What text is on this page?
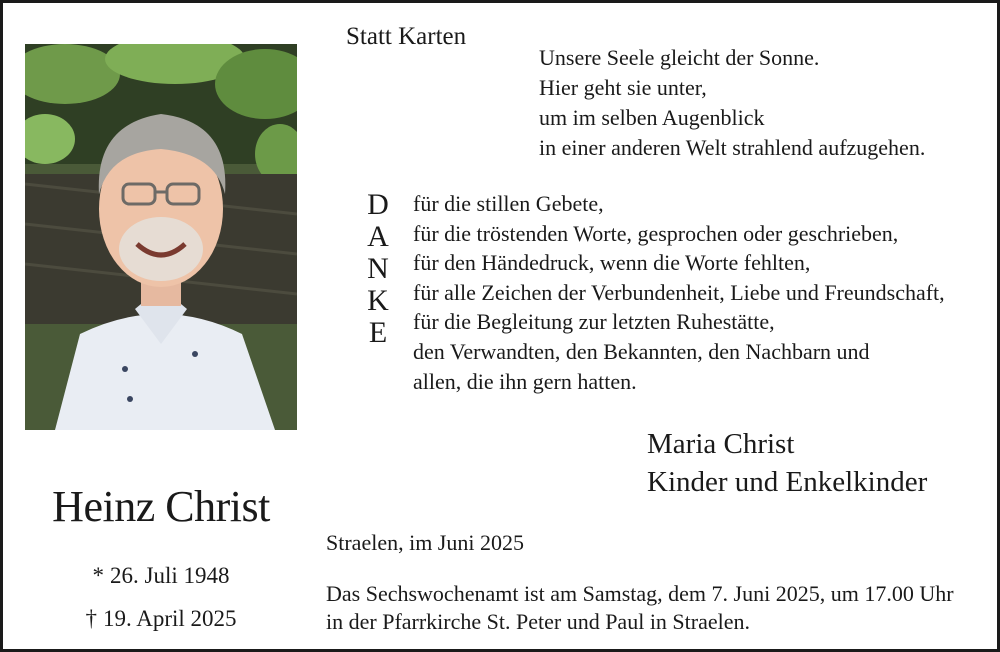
Heinz Christ
* 26. Juli 1948
† 19. April 2025
Statt Karten
Unsere Seele gleicht der Sonne.
Hier geht sie unter,
um im selben Augenblick
in einer anderen Welt strahlend aufzugehen.
D
A
N
K
E
für die stillen Gebete,
für die tröstenden Worte, gesprochen oder geschrieben,
für den Händedruck, wenn die Worte fehlten,
für alle Zeichen der Verbundenheit, Liebe und Freundschaft,
für die Begleitung zur letzten Ruhestätte,
den Verwandten, den Bekannten, den Nachbarn und
allen, die ihn gern hatten.
Maria Christ
Kinder und Enkelkinder
Straelen, im Juni 2025
Das Sechswochenamt ist am Samstag, dem 7. Juni 2025, um 17.00 Uhr
in der Pfarrkirche St. Peter und Paul in Straelen.
